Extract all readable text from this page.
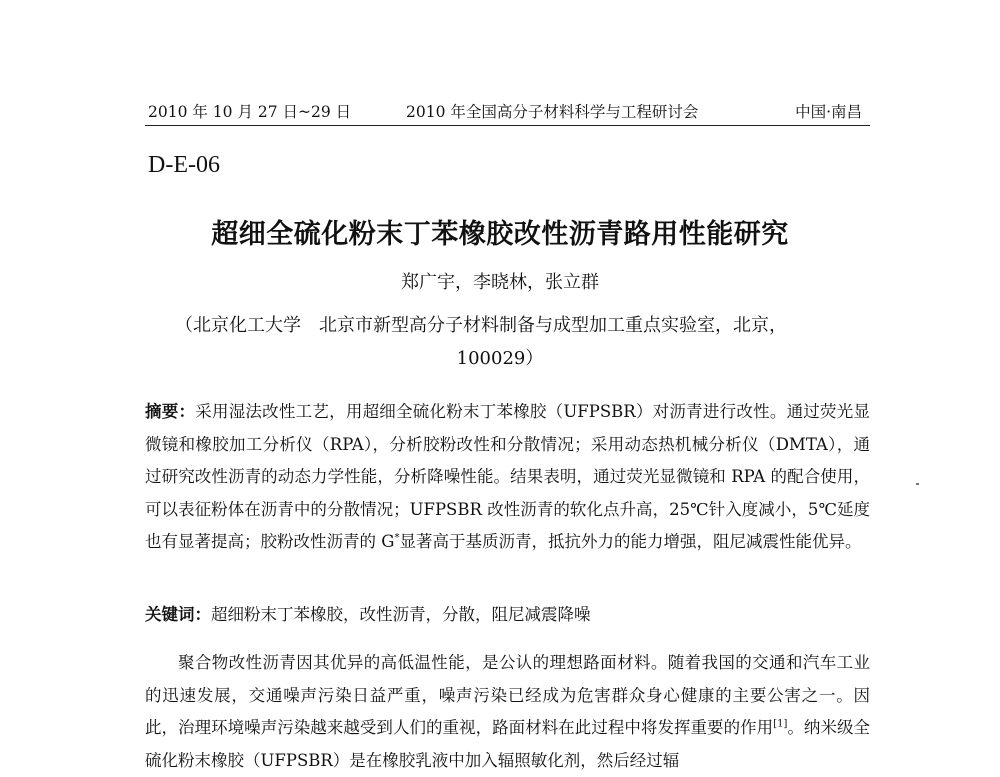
2010 年 10 月 27 日~29 日	2010 年全国高分子材料科学与工程研讨会	中国·南昌
D-E-06
超细全硫化粉末丁苯橡胶改性沥青路用性能研究
郑广宇，李晓林，张立群
（北京化工大学　北京市新型高分子材料制备与成型加工重点实验室，北京，
100029）
摘要：采用湿法改性工艺，用超细全硫化粉末丁苯橡胶（UFPSBR）对沥青进行改性。通过荧光显微镜和橡胶加工分析仪（RPA），分析胶粉改性和分散情况；采用动态热机械分析仪（DMTA），通过研究改性沥青的动态力学性能，分析降噪性能。结果表明，通过荧光显微镜和 RPA 的配合使用，可以表征粉体在沥青中的分散情况；UFPSBR 改性沥青的软化点升高，25℃针入度减小，5℃延度也有显著提高；胶粉改性沥青的 G*显著高于基质沥青，抵抗外力的能力增强，阻尼减震性能优异。
关键词：超细粉末丁苯橡胶，改性沥青，分散，阻尼减震降噪
聚合物改性沥青因其优异的高低温性能，是公认的理想路面材料。随着我国的交通和汽车工业的迅速发展，交通噪声污染日益严重，噪声污染已经成为危害群众身心健康的主要公害之一。因此，治理环境噪声污染越来越受到人们的重视，路面材料在此过程中将发挥重要的作用[1]。纳米级全硫化粉末橡胶（UFPSBR）是在橡胶乳液中加入辐照敏化剂，然后经过辐
